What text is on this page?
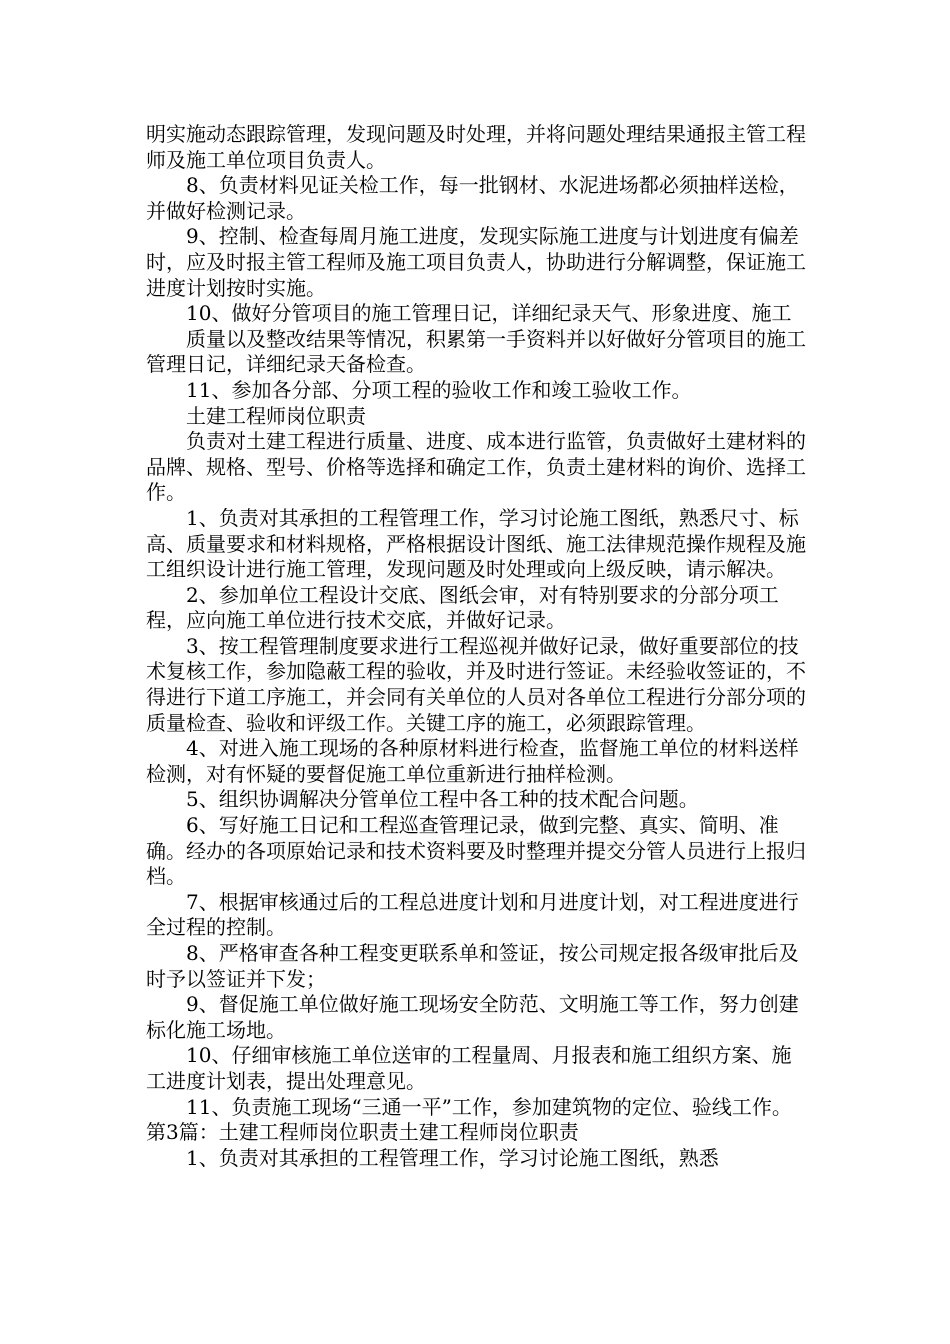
明实施动态跟踪管理，发现问题及时处理，并将问题处理结果通报主管工程师及施工单位项目负责人。

8、负责材料见证关检工作，每一批钢材、水泥进场都必须抽样送检，并做好检测记录。

9、控制、检查每周月施工进度，发现实际施工进度与计划进度有偏差时，应及时报主管工程师及施工项目负责人，协助进行分解调整，保证施工进度计划按时实施。

10、做好分管项目的施工管理日记，详细纪录天气、形象进度、施工

质量以及整改结果等情况，积累第一手资料并以好做好分管项目的施工管理日记，详细纪录天备检查。

11、参加各分部、分项工程的验收工作和竣工验收工作。

土建工程师岗位职责

负责对土建工程进行质量、进度、成本进行监管，负责做好土建材料的品牌、规格、型号、价格等选择和确定工作，负责土建材料的询价、选择工作。

1、负责对其承担的工程管理工作，学习讨论施工图纸，熟悉尺寸、标高、质量要求和材料规格，严格根据设计图纸、施工法律规范操作规程及施工组织设计进行施工管理，发现问题及时处理或向上级反映，请示解决。

2、参加单位工程设计交底、图纸会审，对有特别要求的分部分项工程，应向施工单位进行技术交底，并做好记录。

3、按工程管理制度要求进行工程巡视并做好记录，做好重要部位的技术复核工作，参加隐蔽工程的验收，并及时进行签证。未经验收签证的，不得进行下道工序施工，并会同有关单位的人员对各单位工程进行分部分项的质量检查、验收和评级工作。关键工序的施工，必须跟踪管理。

4、对进入施工现场的各种原材料进行检查，监督施工单位的材料送样检测，对有怀疑的要督促施工单位重新进行抽样检测。

5、组织协调解决分管单位工程中各工种的技术配合问题。

6、写好施工日记和工程巡查管理记录，做到完整、真实、简明、准确。经办的各项原始记录和技术资料要及时整理并提交分管人员进行上报归档。

7、根据审核通过后的工程总进度计划和月进度计划，对工程进度进行全过程的控制。

8、严格审查各种工程变更联系单和签证，按公司规定报各级审批后及时予以签证并下发；

9、督促施工单位做好施工现场安全防范、文明施工等工作，努力创建标化施工场地。

10、仔细审核施工单位送审的工程量周、月报表和施工组织方案、施工进度计划表，提出处理意见。

11、负责施工现场“三通一平”工作，参加建筑物的定位、验线工作。第3篇：土建工程师岗位职责土建工程师岗位职责

1、负责对其承担的工程管理工作，学习讨论施工图纸，熟悉
